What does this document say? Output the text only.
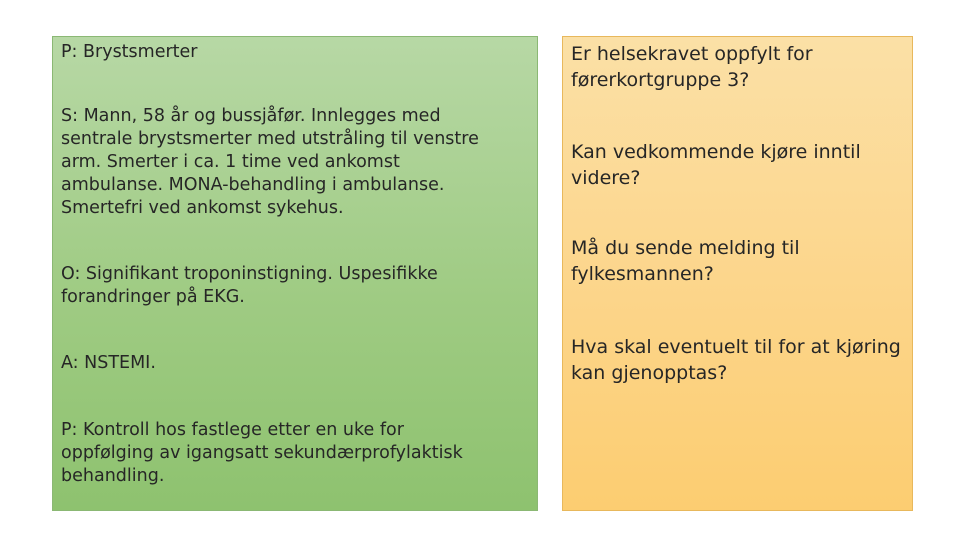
P: Brystsmerter

S: Mann, 58 år og bussjåfør. Innlegges med
sentrale brystsmerter med utstråling til venstre
arm. Smerter i ca. 1 time ved ankomst
ambulanse. MONA-behandling i ambulanse.
Smertefri ved ankomst sykehus.

O: Signifikant troponinstigning. Uspesifikke
forandringer på EKG.

A: NSTEMI.

P: Kontroll hos fastlege etter en uke for
oppfølging av igangsatt sekundærprofylaktisk
behandling.

Er helsekravet oppfylt for
førerkortgruppe 3?

Kan vedkommende kjøre inntil
videre?

Må du sende melding til
fylkesmannen?

Hva skal eventuelt til for at kjøring
kan gjenopptas?
